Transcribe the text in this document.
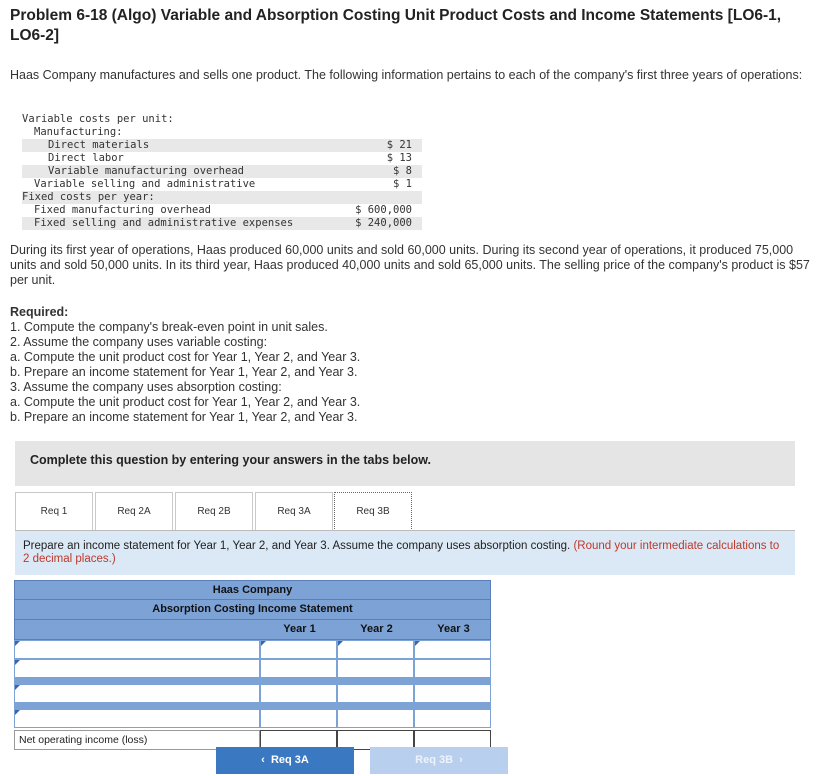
Problem 6-18 (Algo) Variable and Absorption Costing Unit Product Costs and Income Statements [LO6-1, LO6-2]
Haas Company manufactures and sells one product. The following information pertains to each of the company's first three years of operations:
Variable costs per unit:
Manufacturing:
Direct materials	$ 21
Direct labor	$ 13
Variable manufacturing overhead	$ 8
Variable selling and administrative	$ 1
Fixed costs per year:
Fixed manufacturing overhead	$ 600,000
Fixed selling and administrative expenses	$ 240,000
During its first year of operations, Haas produced 60,000 units and sold 60,000 units. During its second year of operations, it produced 75,000 units and sold 50,000 units. In its third year, Haas produced 40,000 units and sold 65,000 units. The selling price of the company's product is $57 per unit.
Required:
1. Compute the company's break-even point in unit sales.
2. Assume the company uses variable costing:
a. Compute the unit product cost for Year 1, Year 2, and Year 3.
b. Prepare an income statement for Year 1, Year 2, and Year 3.
3. Assume the company uses absorption costing:
a. Compute the unit product cost for Year 1, Year 2, and Year 3.
b. Prepare an income statement for Year 1, Year 2, and Year 3.
Complete this question by entering your answers in the tabs below.
Req 1	Req 2A	Req 2B	Req 3A	Req 3B
Prepare an income statement for Year 1, Year 2, and Year 3. Assume the company uses absorption costing. (Round your intermediate calculations to 2 decimal places.)
Haas Company
Absorption Costing Income Statement
Year 1	Year 2	Year 3
Net operating income (loss)
‹ Req 3A	Req 3B ›
